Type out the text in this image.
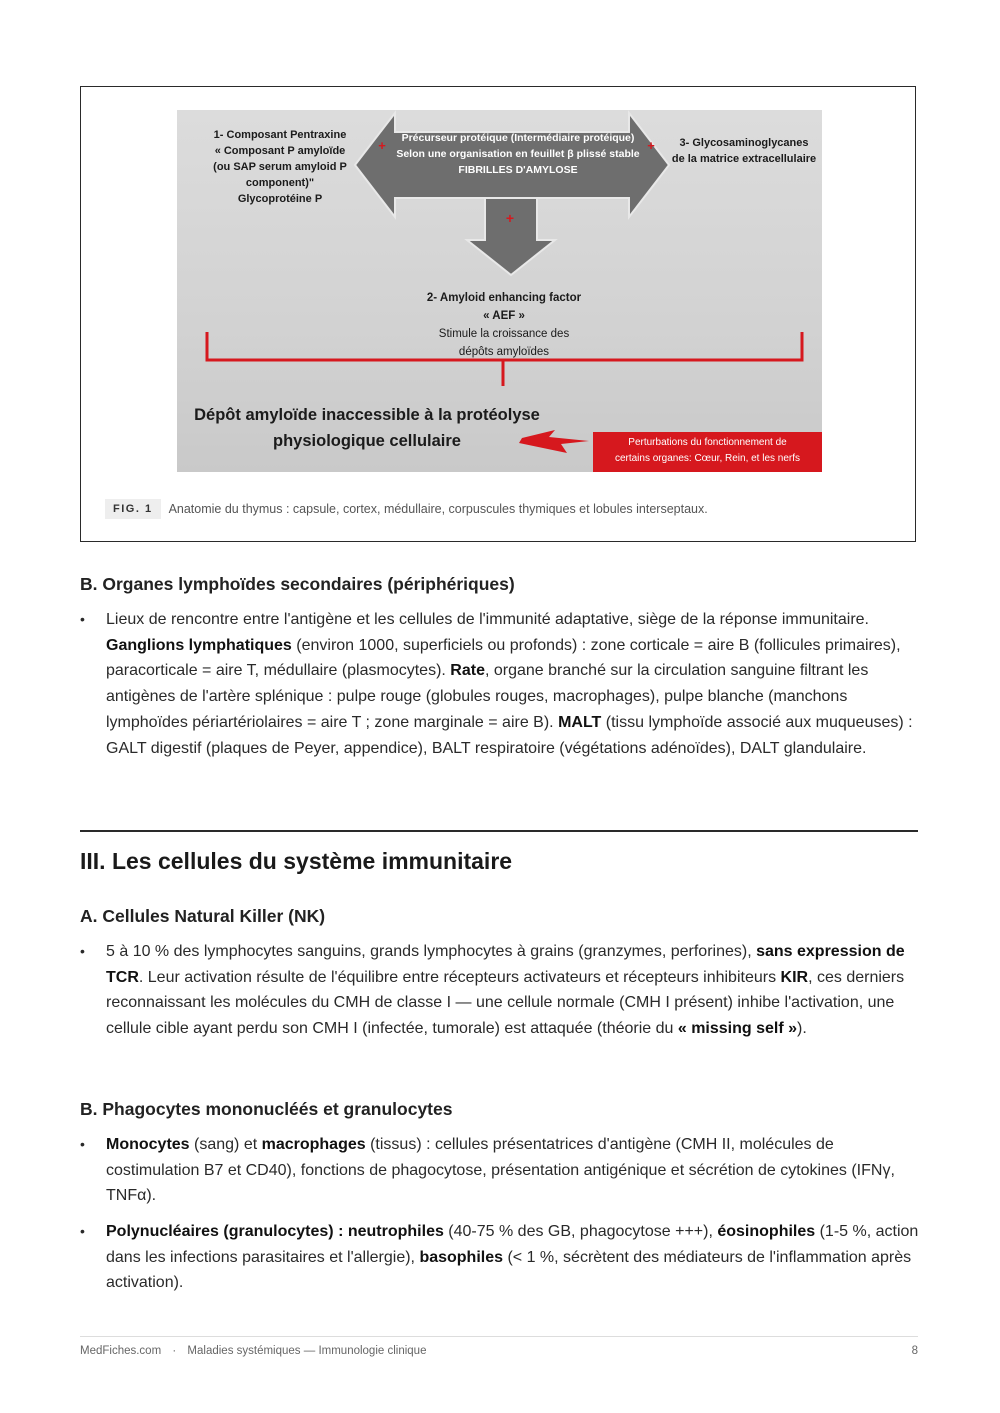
1- Composant Pentraxine
« Composant P amyloïde
(ou SAP serum amyloid P
component)"
Glycoprotéine P
Précurseur protéique (Intermédiaire protéique)
Selon une organisation en feuillet β plissé stable
FIBRILLES D'AMYLOSE
3- Glycosaminoglycanes
de la matrice extracellulaire
+	+
+
2- Amyloid enhancing factor
« AEF »
Stimule la croissance des
dépôts amyloïdes
Dépôt amyloïde inaccessible à la protéolyse
physiologique cellulaire	Perturbations du fonctionnement de
certains organes: Cœur, Rein, et les nerfs
FIG. 1	Anatomie du thymus : capsule, cortex, médullaire, corpuscules thymiques et lobules interseptaux.
B. Organes lymphoïdes secondaires (périphériques)
• Lieux de rencontre entre l'antigène et les cellules de l'immunité adaptative, siège de la réponse immunitaire. Ganglions lymphatiques (environ 1000, superficiels ou profonds) : zone corticale = aire B (follicules primaires), paracorticale = aire T, médullaire (plasmocytes). Rate, organe branché sur la circulation sanguine filtrant les antigènes de l'artère splénique : pulpe rouge (globules rouges, macrophages), pulpe blanche (manchons lymphoïdes périartériolaires = aire T ; zone marginale = aire B). MALT (tissu lymphoïde associé aux muqueuses) : GALT digestif (plaques de Peyer, appendice), BALT respiratoire (végétations adénoïdes), DALT glandulaire.
III. Les cellules du système immunitaire
A. Cellules Natural Killer (NK)
• 5 à 10 % des lymphocytes sanguins, grands lymphocytes à grains (granzymes, perforines), sans expression de TCR. Leur activation résulte de l'équilibre entre récepteurs activateurs et récepteurs inhibiteurs KIR, ces derniers reconnaissant les molécules du CMH de classe I — une cellule normale (CMH I présent) inhibe l'activation, une cellule cible ayant perdu son CMH I (infectée, tumorale) est attaquée (théorie du « missing self »).
B. Phagocytes mononucléés et granulocytes
• Monocytes (sang) et macrophages (tissus) : cellules présentatrices d'antigène (CMH II, molécules de costimulation B7 et CD40), fonctions de phagocytose, présentation antigénique et sécrétion de cytokines (IFNγ, TNFα).
• Polynucléaires (granulocytes) : neutrophiles (40-75 % des GB, phagocytose +++), éosinophiles (1-5 %, action dans les infections parasitaires et l'allergie), basophiles (< 1 %, sécrètent des médiateurs de l'inflammation après activation).
MedFiches.com · Maladies systémiques — Immunologie clinique	8
